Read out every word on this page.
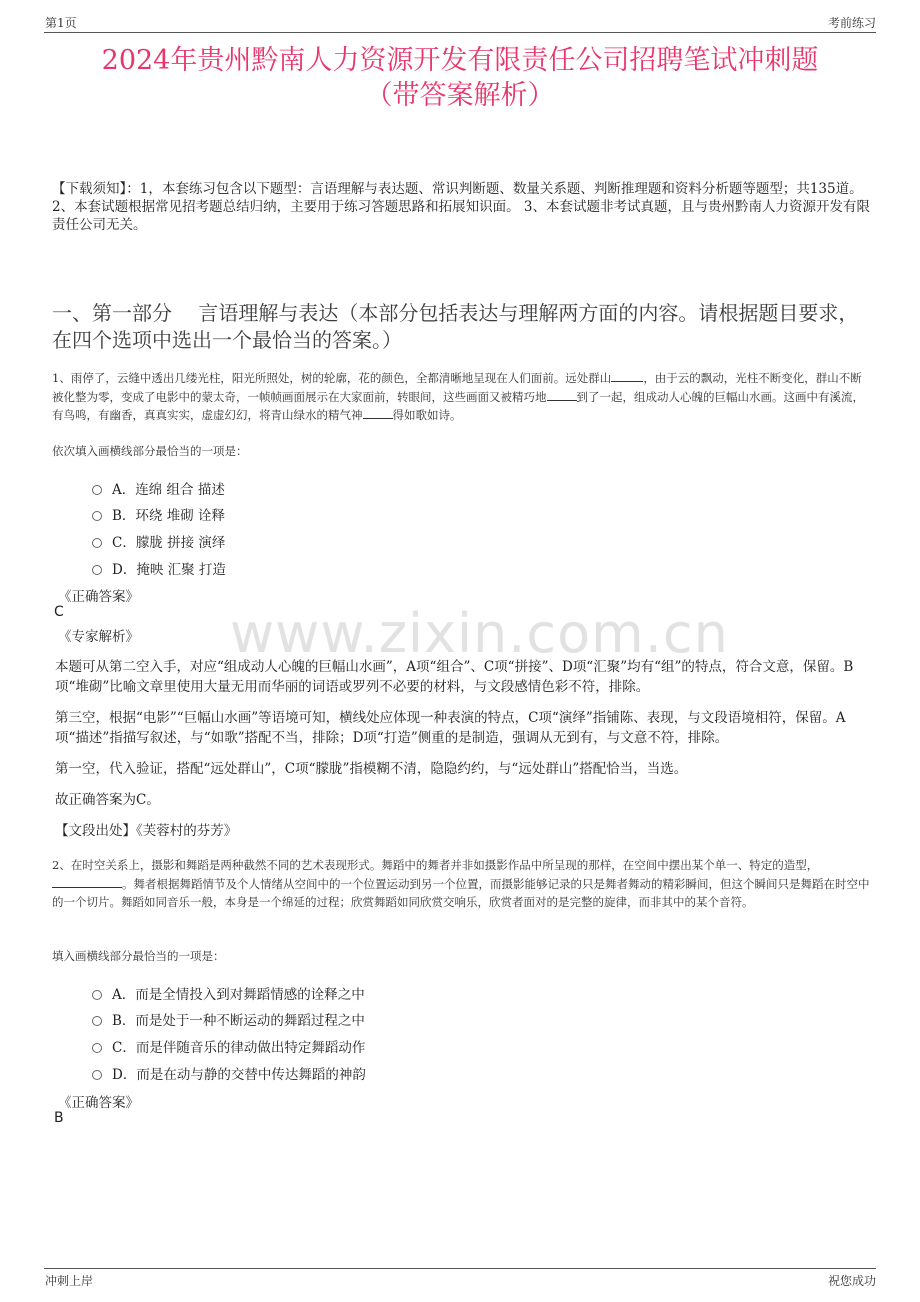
第1页	考前练习
2024年贵州黔南人力资源开发有限责任公司招聘笔试冲刺题
（带答案解析）
【下载须知】：1，本套练习包含以下题型：言语理解与表达题、常识判断题、数量关系题、判断推理题和资料分析题等题型；共135道。 2、本套试题根据常见招考题总结归纳，主要用于练习答题思路和拓展知识面。 3、本套试题非考试真题，且与贵州黔南人力资源开发有限责任公司无关。
一、第一部分　 言语理解与表达（本部分包括表达与理解两方面的内容。请根据题目要求，在四个选项中选出一个最恰当的答案。）
www.zixin.com.cn
1、雨停了，云缝中透出几缕光柱，阳光所照处，树的轮廓，花的颜色，全都清晰地呈现在人们面前。远处群山	，由于云的飘动，光柱不断变化，群山不断被化整为零，变成了电影中的蒙太奇，一帧帧画面展示在大家面前，转眼间，这些画面又被精巧地	到了一起，组成动人心魄的巨幅山水画。这画中有溪流，有鸟鸣，有幽香，真真实实，虚虚幻幻，将青山绿水的精气神	得如歌如诗。
依次填入画横线部分最恰当的一项是：
A．连绵 组合 描述
B．环绕 堆砌 诠释
C．朦胧 拼接 演绎
D．掩映 汇聚 打造
《正确答案》
C
《专家解析》
本题可从第二空入手，对应“组成动人心魄的巨幅山水画”，A项“组合”、C项“拼接”、D项“汇聚”均有“组”的特点，符合文意，保留。B项“堆砌”比喻文章里使用大量无用而华丽的词语或罗列不必要的材料，与文段感情色彩不符，排除。
第三空，根据“电影”“巨幅山水画”等语境可知，横线处应体现一种表演的特点，C项“演绎”指铺陈、表现，与文段语境相符，保留。A项“描述”指描写叙述，与“如歌”搭配不当，排除；D项“打造”侧重的是制造，强调从无到有，与文意不符，排除。
第一空，代入验证，搭配“远处群山”，C项“朦胧”指模糊不清，隐隐约约，与“远处群山”搭配恰当，当选。
故正确答案为C。
【文段出处】《芙蓉村的芬芳》
2、在时空关系上，摄影和舞蹈是两种截然不同的艺术表现形式。舞蹈中的舞者并非如摄影作品中所呈现的那样，在空间中摆出某个单一、特定的造型，。舞者根据舞蹈情节及个人情绪从空间中的一个位置运动到另一个位置，而摄影能够记录的只是舞者舞动的精彩瞬间，但这个瞬间只是舞蹈在时空中的一个切片。舞蹈如同音乐一般，本身是一个绵延的过程；欣赏舞蹈如同欣赏交响乐，欣赏者面对的是完整的旋律，而非其中的某个音符。
填入画横线部分最恰当的一项是：
A．而是全情投入到对舞蹈情感的诠释之中
B．而是处于一种不断运动的舞蹈过程之中
C．而是伴随音乐的律动做出特定舞蹈动作
D．而是在动与静的交替中传达舞蹈的神韵
《正确答案》
B
冲刺上岸	祝您成功
